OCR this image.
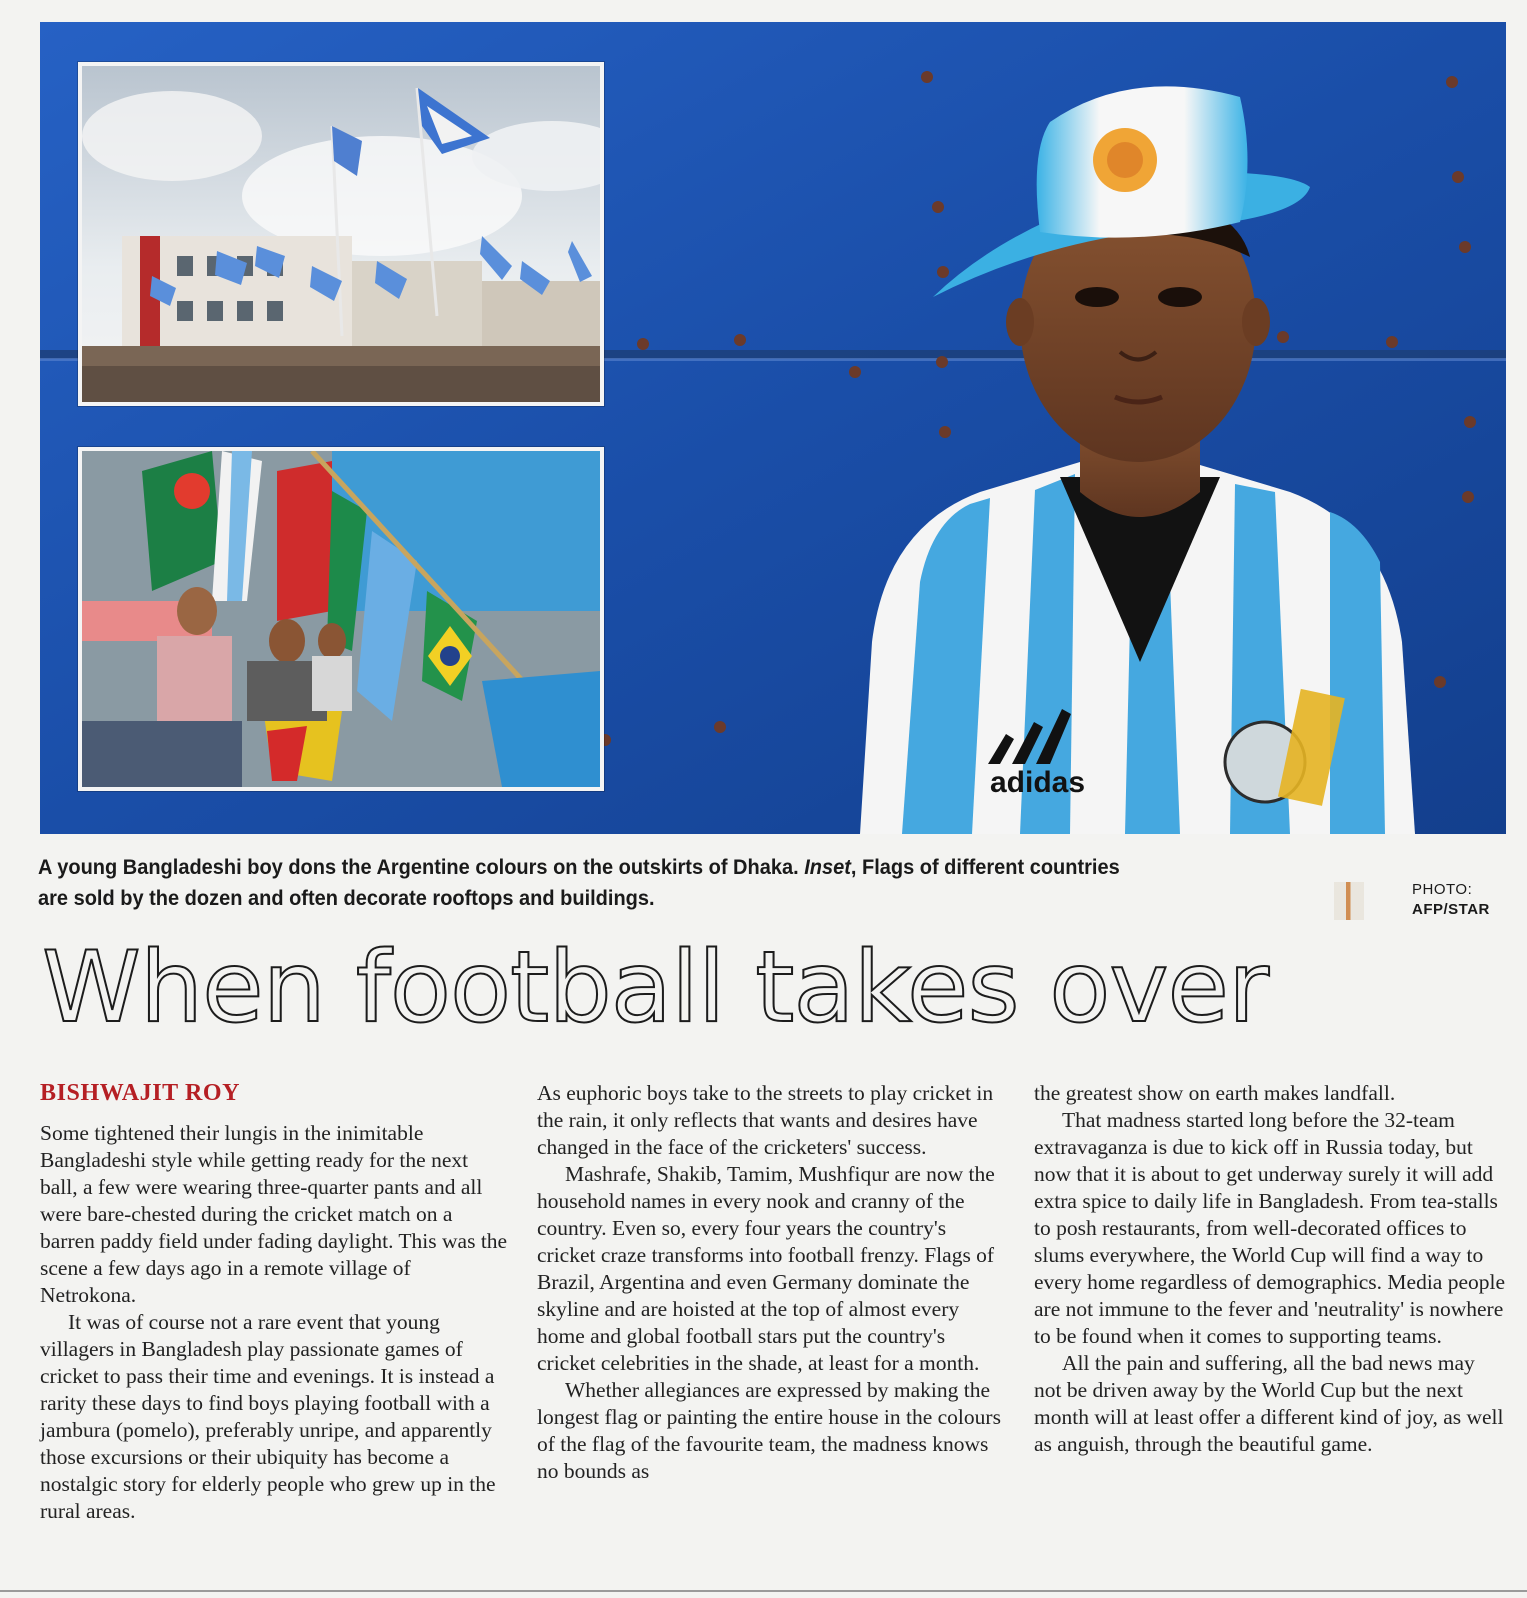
adidas
A young Bangladeshi boy dons the Argentine colours on the outskirts of Dhaka. Inset, Flags of different countries are sold by the dozen and often decorate rooftops and buildings.	PHOTO:
AFP/STAR
When football takes over
BISHWAJIT ROY

Some tightened their lungis in the inimitable Bangladeshi style while getting ready for the next ball, a few were wearing three-quarter pants and all were bare-chested during the cricket match on a barren paddy field under fading daylight. This was the scene a few days ago in a remote village of Netrokona.

It was of course not a rare event that young villagers in Bangladesh play passionate games of cricket to pass their time and evenings. It is instead a rarity these days to find boys playing football with a jambura (pomelo), preferably unripe, and apparently those excursions or their ubiquity has become a nostalgic story for elderly people who grew up in the rural areas.

As euphoric boys take to the streets to play cricket in the rain, it only reflects that wants and desires have changed in the face of the cricketers' success.

Mashrafe, Shakib, Tamim, Mushfiqur are now the household names in every nook and cranny of the country. Even so, every four years the country's cricket craze transforms into football frenzy. Flags of Brazil, Argentina and even Germany dominate the skyline and are hoisted at the top of almost every home and global football stars put the country's cricket celebrities in the shade, at least for a month.

Whether allegiances are expressed by making the longest flag or painting the entire house in the colours of the flag of the favourite team, the madness knows no bounds as

the greatest show on earth makes landfall.

That madness started long before the 32-team extravaganza is due to kick off in Russia today, but now that it is about to get underway surely it will add extra spice to daily life in Bangladesh. From tea-stalls to posh restaurants, from well-decorated offices to slums everywhere, the World Cup will find a way to every home regardless of demographics. Media people are not immune to the fever and 'neutrality' is nowhere to be found when it comes to supporting teams.

All the pain and suffering, all the bad news may not be driven away by the World Cup but the next month will at least offer a different kind of joy, as well as anguish, through the beautiful game.
